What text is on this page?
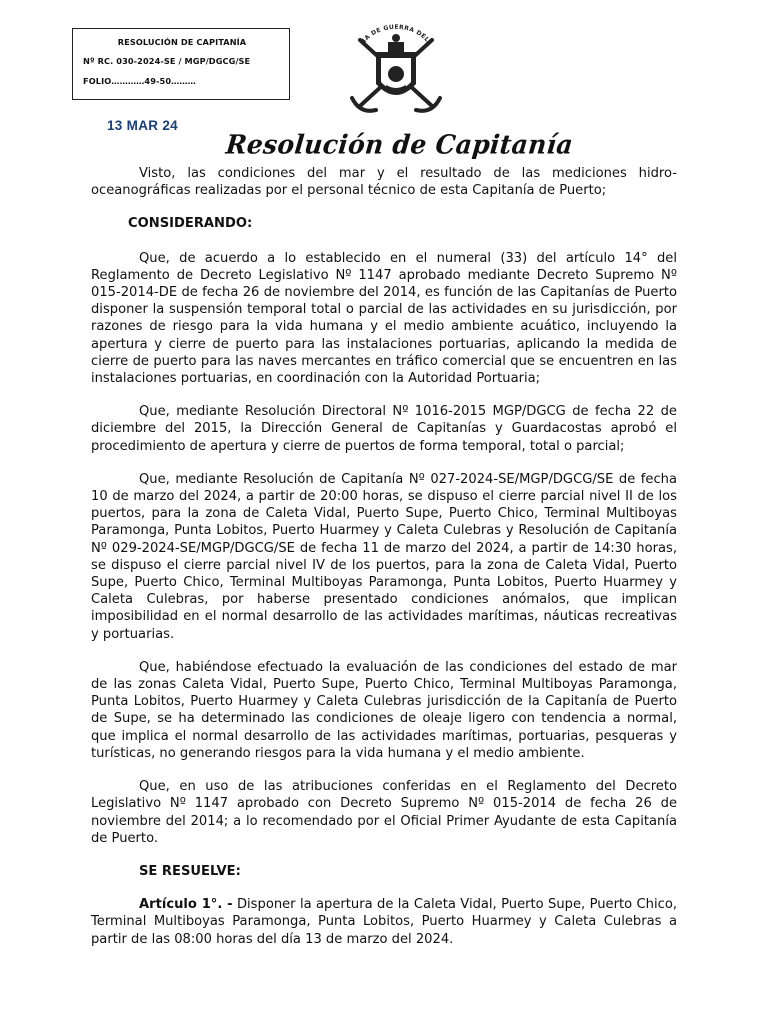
RESOLUCIÓN DE CAPITANÍA
Nº RC. 030-2024-SE / MGP/DGCG/SE
FOLIO…………49-50………
NA DE GUERRA DEL
13 MAR 24
Resolución de Capitanía

Visto, las condiciones del mar y el resultado de las mediciones hidro-oceanográficas realizadas por el personal técnico de esta Capitanía de Puerto;

CONSIDERANDO:

Que, de acuerdo a lo establecido en el numeral (33) del artículo 14° del Reglamento de Decreto Legislativo Nº 1147 aprobado mediante Decreto Supremo Nº 015-2014-DE de fecha 26 de noviembre del 2014, es función de las Capitanías de Puerto disponer la suspensión temporal total o parcial de las actividades en su jurisdicción, por razones de riesgo para la vida humana y el medio ambiente acuático, incluyendo la apertura y cierre de puerto para las instalaciones portuarias, aplicando la medida de cierre de puerto para las naves mercantes en tráfico comercial que se encuentren en las instalaciones portuarias, en coordinación con la Autoridad Portuaria;

Que, mediante Resolución Directoral Nº 1016-2015 MGP/DGCG de fecha 22 de diciembre del 2015, la Dirección General de Capitanías y Guardacostas aprobó el procedimiento de apertura y cierre de puertos de forma temporal, total o parcial;

Que, mediante Resolución de Capitanía Nº 027-2024-SE/MGP/DGCG/SE de fecha 10 de marzo del 2024, a partir de 20:00 horas, se dispuso el cierre parcial nivel II de los puertos, para la zona de Caleta Vidal, Puerto Supe, Puerto Chico, Terminal Multiboyas Paramonga, Punta Lobitos, Puerto Huarmey y Caleta Culebras y Resolución de Capitanía Nº 029-2024-SE/MGP/DGCG/SE de fecha 11 de marzo del 2024, a partir de 14:30 horas, se dispuso el cierre parcial nivel IV de los puertos, para la zona de Caleta Vidal, Puerto Supe, Puerto Chico, Terminal Multiboyas Paramonga, Punta Lobitos, Puerto Huarmey y Caleta Culebras, por haberse presentado condiciones anómalos, que implican imposibilidad en el normal desarrollo de las actividades marítimas, náuticas recreativas y portuarias.

Que, habiéndose efectuado la evaluación de las condiciones del estado de mar de las zonas Caleta Vidal, Puerto Supe, Puerto Chico, Terminal Multiboyas Paramonga, Punta Lobitos, Puerto Huarmey y Caleta Culebras jurisdicción de la Capitanía de Puerto de Supe, se ha determinado las condiciones de oleaje ligero con tendencia a normal, que implica el normal desarrollo de las actividades marítimas, portuarias, pesqueras y turísticas, no generando riesgos para la vida humana y el medio ambiente.

Que, en uso de las atribuciones conferidas en el Reglamento del Decreto Legislativo Nº 1147 aprobado con Decreto Supremo Nº 015-2014 de fecha 26 de noviembre del 2014; a lo recomendado por el Oficial Primer Ayudante de esta Capitanía de Puerto.

SE RESUELVE:

Artículo 1°. - Disponer la apertura de la Caleta Vidal, Puerto Supe, Puerto Chico, Terminal Multiboyas Paramonga, Punta Lobitos, Puerto Huarmey y Caleta Culebras a partir de las 08:00 horas del día 13 de marzo del 2024.
